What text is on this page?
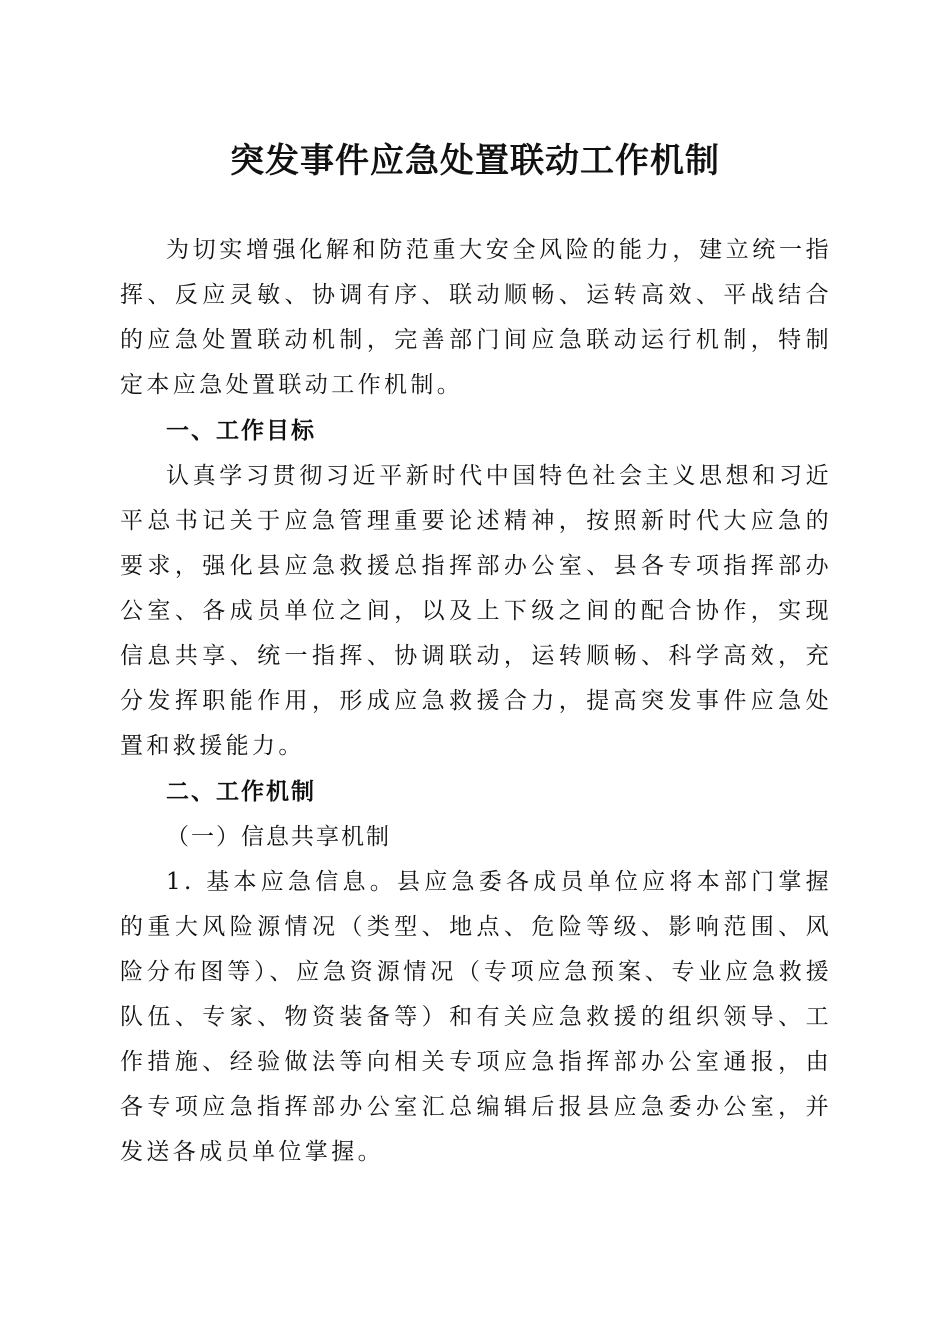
突发事件应急处置联动工作机制

为切实增强化解和防范重大安全风险的能力，建立统一指挥、反应灵敏、协调有序、联动顺畅、运转高效、平战结合的应急处置联动机制，完善部门间应急联动运行机制，特制定本应急处置联动工作机制。

一、工作目标

认真学习贯彻习近平新时代中国特色社会主义思想和习近平总书记关于应急管理重要论述精神，按照新时代大应急的要求，强化县应急救援总指挥部办公室、县各专项指挥部办公室、各成员单位之间，以及上下级之间的配合协作，实现信息共享、统一指挥、协调联动，运转顺畅、科学高效，充分发挥职能作用，形成应急救援合力，提高突发事件应急处置和救援能力。

二、工作机制

（一）信息共享机制

1. 基本应急信息。县应急委各成员单位应将本部门掌握的重大风险源情况（类型、地点、危险等级、影响范围、风险分布图等）、应急资源情况（专项应急预案、专业应急救援队伍、专家、物资装备等）和有关应急救援的组织领导、工作措施、经验做法等向相关专项应急指挥部办公室通报，由各专项应急指挥部办公室汇总编辑后报县应急委办公室，并发送各成员单位掌握。
